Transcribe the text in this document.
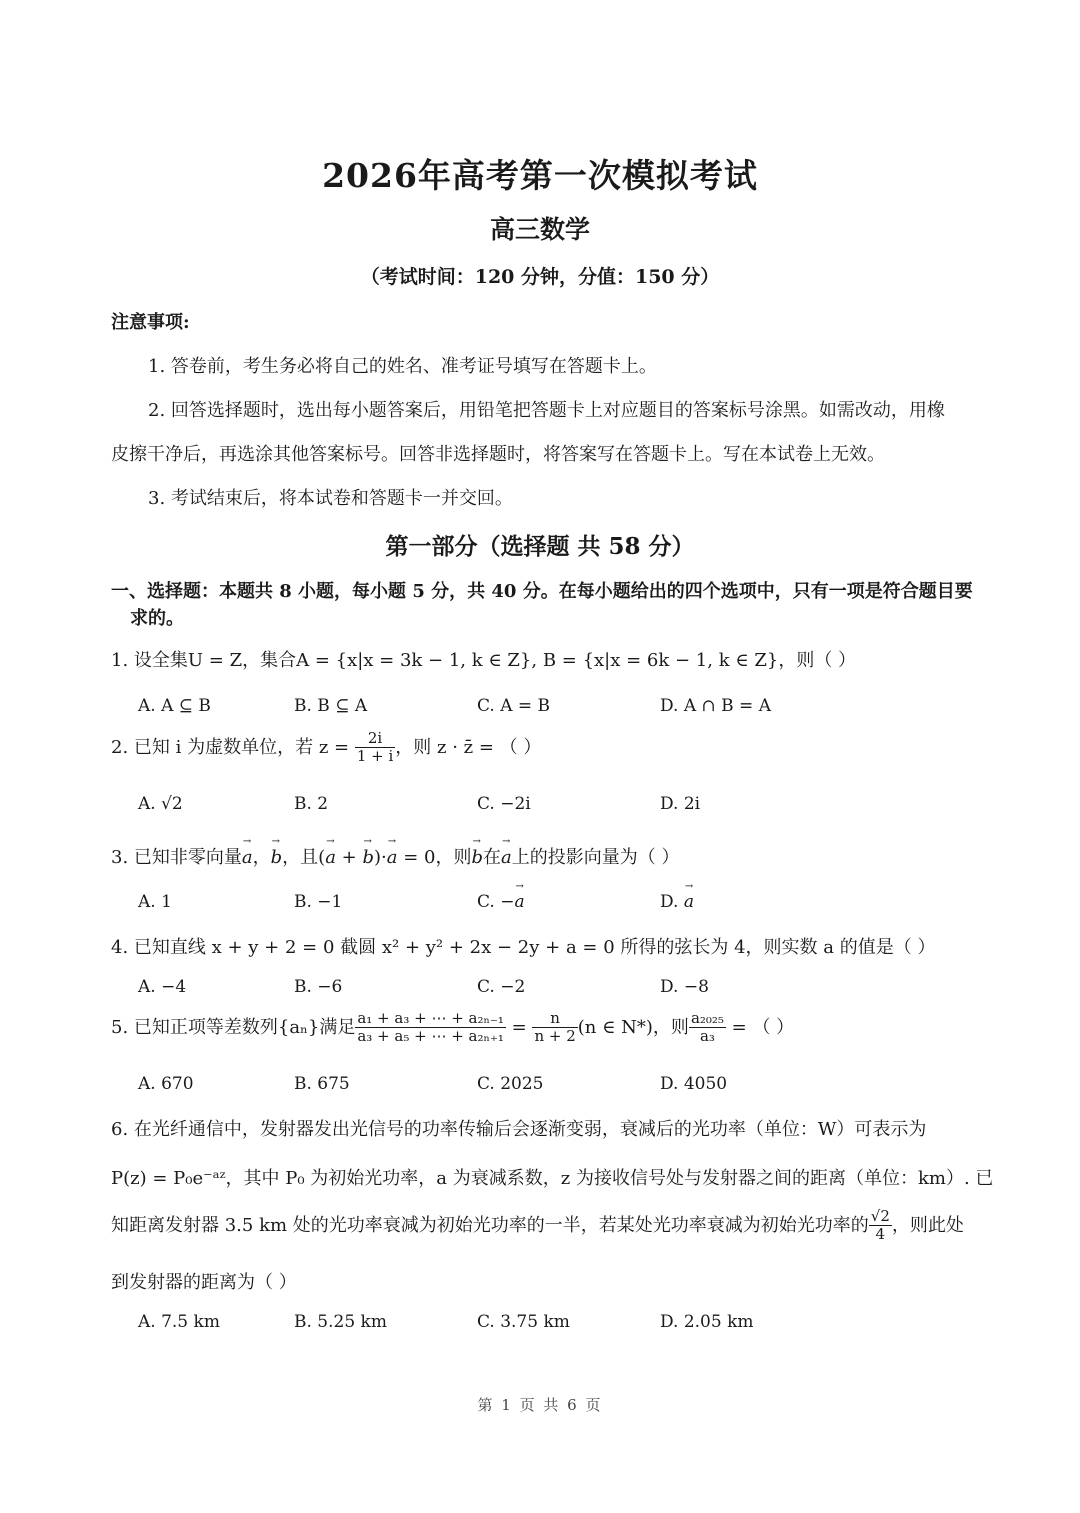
2026年高考第一次模拟考试
高三数学
（考试时间：120 分钟，分值：150 分）
注意事项:
1. 答卷前，考生务必将自己的姓名、准考证号填写在答题卡上。
2. 回答选择题时，选出每小题答案后，用铅笔把答题卡上对应题目的答案标号涂黑。如需改动，用橡
皮擦干净后，再选涂其他答案标号。回答非选择题时，将答案写在答题卡上。写在本试卷上无效。
3. 考试结束后，将本试卷和答题卡一并交回。
第一部分（选择题 共 58 分）
一、选择题：本题共 8 小题，每小题 5 分，共 40 分。在每小题给出的四个选项中，只有一项是符合题目要
求的。
1. 设全集U = Z，集合A = {x|x = 3k − 1, k ∈ Z}, B = {x|x = 6k − 1, k ∈ Z}，则（ ）
A. A ⊆ B	B. B ⊆ A	C. A = B	D. A ∩ B = A
2. 已知 i 为虚数单位，若 $z = \frac{2i}{1 + i}$ ，则 z · z̄ = （ ）
A. √2	B. 2	C. −2i	D. 2i
3. 已知非零向量→ a，→ b，且(→ a + → b)·→ a = 0，则→ b在→ a上的投影向量为（ ）
A. 1	B. −1	C. −→ a	D. → a
4. 已知直线 x + y + 2 = 0 截圆 x² + y² + 2x − 2y + a = 0 所得的弦长为 4，则实数 a 的值是（ ）
A. −4	B. −6	C. −2	D. −8
5. 已知正项等差数列{aₙ}满足 $\frac{\text{a₁ + a₃ + ⋯ + a₂ₙ₋₁}}{\text{a₃ + a₅ + ⋯ + a₂ₙ₊₁}} = \frac{n}{n + 2} (n$ ∈ N*)，则 $\frac{\text{a₂₀₂₅}}{\text{a₃}}$ = （ ）
A. 670	B. 675	C. 2025	D. 4050
6. 在光纤通信中，发射器发出光信号的功率传输后会逐渐变弱，衰减后的光功率（单位：W）可表示为
P(z) = P₀e⁻ᵃᶻ，其中 P₀ 为初始光功率，a 为衰减系数，z 为接收信号处与发射器之间的距离（单位：km）. 已
知距离发射器 3.5 km 处的光功率衰减为初始光功率的一半，若某处光功率衰减为初始光功率的 $\frac{√2}{4}$ ，则此处
到发射器的距离为（ ）
A. 7.5 km	B. 5.25 km	C. 3.75 km	D. 2.05 km
第 1 页 共 6 页
